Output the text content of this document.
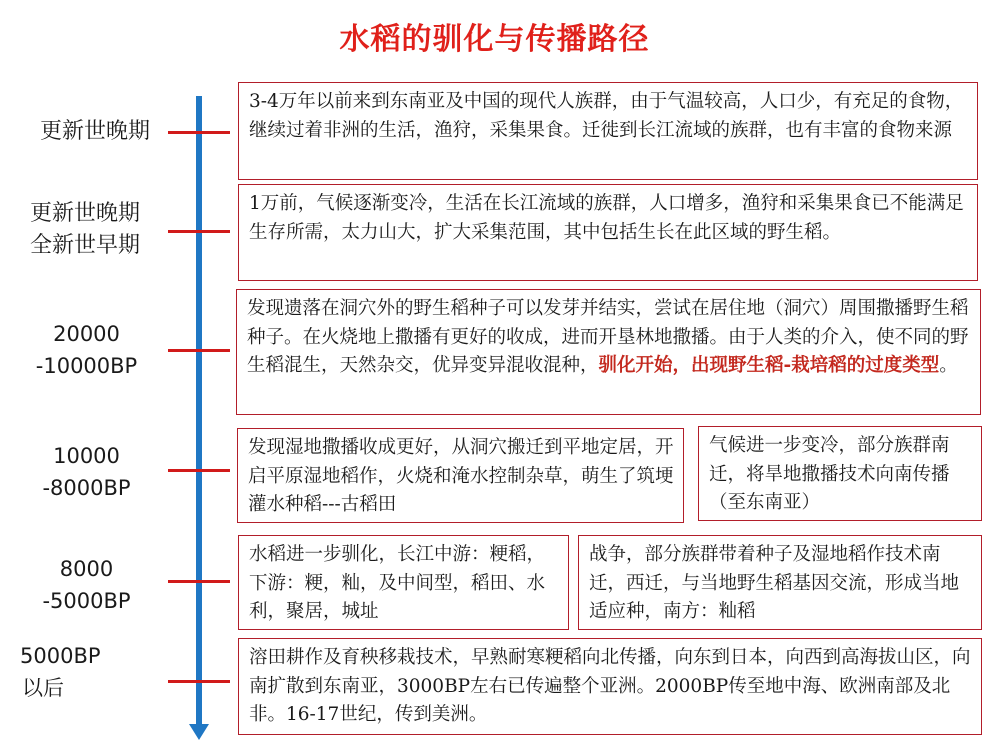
水稻的驯化与传播路径
更新世晚期
更新世晚期
全新世早期
20000
-10000BP
10000
-8000BP
8000
-5000BP
5000BP
以后
3-4万年以前来到东南亚及中国的现代人族群，由于气温较高，人口少，有充足的食物，继续过着非洲的生活，渔狩，采集果食。迁徙到长江流域的族群，也有丰富的食物来源
1万前，气候逐渐变冷，生活在长江流域的族群，人口增多，渔狩和采集果食已不能满足生存所需，太力山大，扩大采集范围，其中包括生长在此区域的野生稻。
发现遗落在洞穴外的野生稻种子可以发芽并结实，尝试在居住地（洞穴）周围撒播野生稻种子。在火烧地上撒播有更好的收成，进而开垦林地撒播。由于人类的介入，使不同的野生稻混生，天然杂交，优异变异混收混种，驯化开始，出现野生稻-栽培稻的过度类型。
发现湿地撒播收成更好，从洞穴搬迁到平地定居，开启平原湿地稻作，火烧和淹水控制杂草，萌生了筑埂灌水种稻---古稻田
气候进一步变冷，部分族群南迁，将旱地撒播技术向南传播（至东南亚）
水稻进一步驯化，长江中游：粳稻，下游：粳，籼，及中间型，稻田、水利，聚居，城址
战争，部分族群带着种子及湿地稻作技术南迁，西迁，与当地野生稻基因交流，形成当地适应种，南方：籼稻
溶田耕作及育秧移栽技术，早熟耐寒粳稻向北传播，向东到日本，向西到高海拔山区，向南扩散到东南亚，3000BP左右已传遍整个亚洲。2000BP传至地中海、欧洲南部及北非。16-17世纪，传到美洲。
